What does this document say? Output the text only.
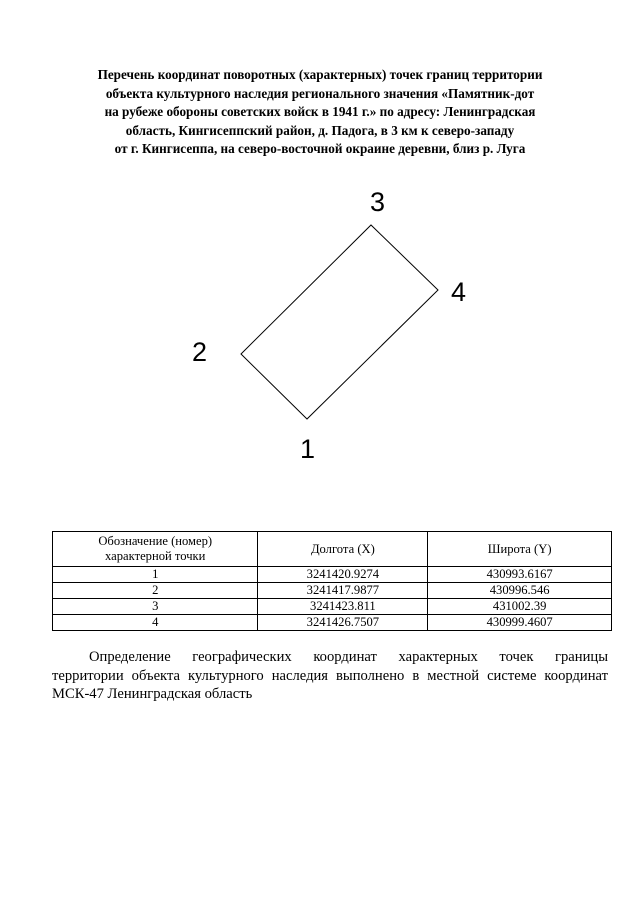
Перечень координат поворотных (характерных) точек границ территории
объекта культурного наследия регионального значения «Памятник-дот
на рубеже обороны советских войск в 1941 г.» по адресу: Ленинградская
область, Кингисеппский район, д. Падога, в 3 км к северо-западу
от г. Кингисеппа, на северо-восточной окраине деревни, близ р. Луга
1
2
3
4
Обозначение (номер)
характерной точки	Долгота (X)	Широта (Y)
1	3241420.9274	430993.6167
2	3241417.9877	430996.546
3	3241423.811	431002.39
4	3241426.7507	430999.4607
Определение географических координат характерных точек границы
территории объекта культурного наследия выполнено в местной системе координат
МСК-47 Ленинградская область
